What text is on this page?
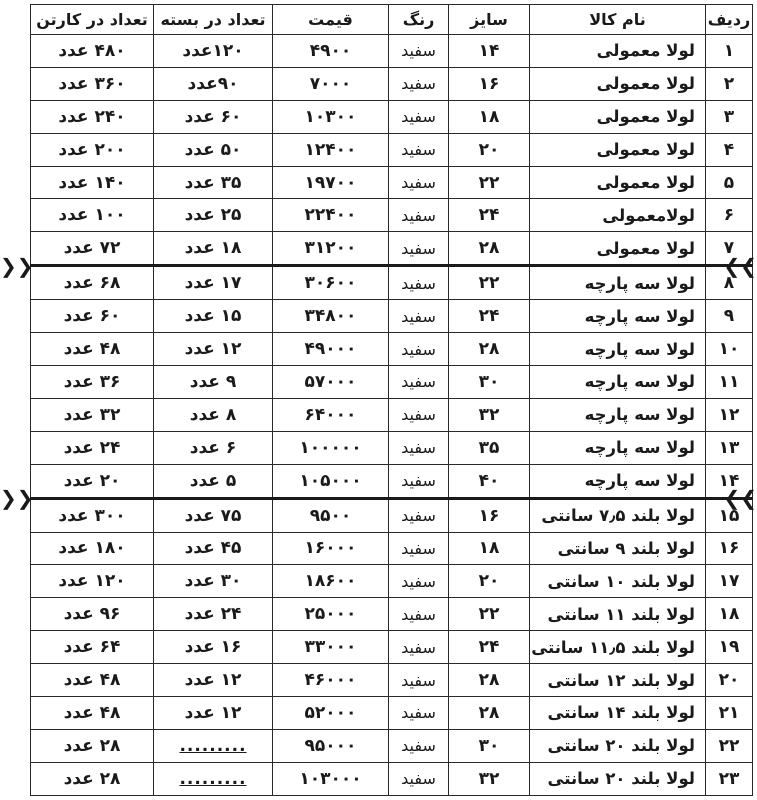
ردیف	نام کالا	سایز	رنگ	قیمت	تعداد در بسته	تعداد در کارتن
۱	لولا معمولی	۱۴	سفید	۴۹۰۰	۱۲۰عدد	۴۸۰ عدد
۲	لولا معمولی	۱۶	سفید	۷۰۰۰	۹۰عدد	۳۶۰ عدد
۳	لولا معمولی	۱۸	سفید	۱۰۳۰۰	۶۰ عدد	۲۴۰ عدد
۴	لولا معمولی	۲۰	سفید	۱۲۴۰۰	۵۰ عدد	۲۰۰ عدد
۵	لولا معمولی	۲۲	سفید	۱۹۷۰۰	۳۵ عدد	۱۴۰ عدد
۶	لولامعمولی	۲۴	سفید	۲۲۴۰۰	۲۵ عدد	۱۰۰ عدد
۷	لولا معمولی	۲۸	سفید	۳۱۲۰۰	۱۸ عدد	۷۲ عدد
۸	لولا سه پارچه	۲۲	سفید	۳۰۶۰۰	۱۷ عدد	۶۸ عدد
۹	لولا سه پارچه	۲۴	سفید	۳۴۸۰۰	۱۵ عدد	۶۰ عدد
۱۰	لولا سه پارچه	۲۸	سفید	۴۹۰۰۰	۱۲ عدد	۴۸ عدد
۱۱	لولا سه پارچه	۳۰	سفید	۵۷۰۰۰	۹ عدد	۳۶ عدد
۱۲	لولا سه پارچه	۳۲	سفید	۶۴۰۰۰	۸ عدد	۳۲ عدد
۱۳	لولا سه پارچه	۳۵	سفید	۱۰۰۰۰۰	۶ عدد	۲۴ عدد
۱۴	لولا سه پارچه	۴۰	سفید	۱۰۵۰۰۰	۵ عدد	۲۰ عدد
۱۵	لولا بلند ۷٫۵ سانتی	۱۶	سفید	۹۵۰۰	۷۵ عدد	۳۰۰ عدد
۱۶	لولا بلند ۹ سانتی	۱۸	سفید	۱۶۰۰۰	۴۵ عدد	۱۸۰ عدد
۱۷	لولا بلند ۱۰ سانتی	۲۰	سفید	۱۸۶۰۰	۳۰ عدد	۱۲۰ عدد
۱۸	لولا بلند ۱۱ سانتی	۲۲	سفید	۲۵۰۰۰	۲۴ عدد	۹۶ عدد
۱۹	لولا بلند ۱۱٫۵ سانتی	۲۴	سفید	۳۳۰۰۰	۱۶ عدد	۶۴ عدد
۲۰	لولا بلند ۱۲ سانتی	۲۸	سفید	۴۶۰۰۰	۱۲ عدد	۴۸ عدد
۲۱	لولا بلند ۱۴ سانتی	۲۸	سفید	۵۲۰۰۰	۱۲ عدد	۴۸ عدد
۲۲	لولا بلند ۲۰ سانتی	۳۰	سفید	۹۵۰۰۰	.........	۲۸ عدد
۲۳	لولا بلند ۲۰ سانتی	۳۲	سفید	۱۰۳۰۰۰	.........	۲۸ عدد
❯❯	❮❮
❯❯	❮❮
